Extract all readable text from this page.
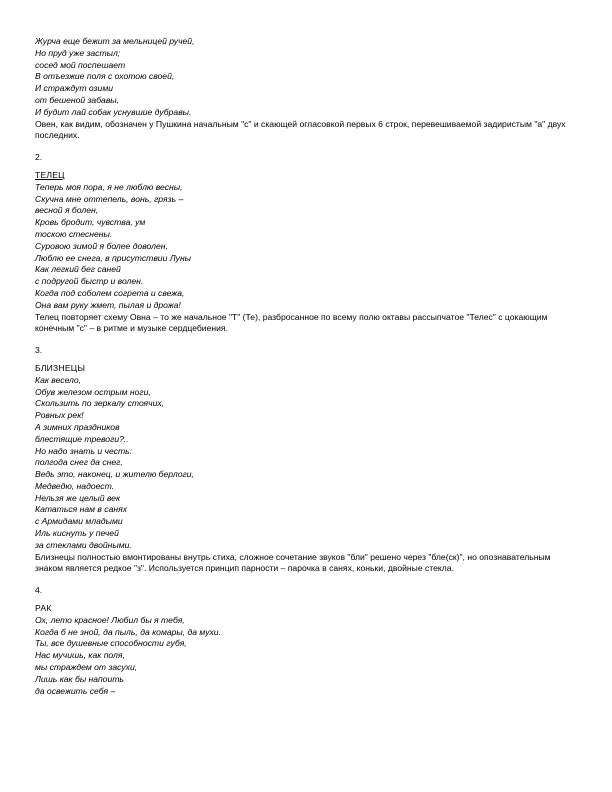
Журча еще бежит за мельницей ручей,

Но пруд уже застыл;

сосед мой поспешает

В отъезжие поля с охотою своей,

И страждут озими

от бешеной забавы,

И будит лай собак уснувшие дубравы.

Овен, как видим, обозначен у Пушкина начальным "с" и скающей огласовкой первых 6 строк, перевешиваемой задиристым "а" двух последних.

2.

ТЕЛЕЦ

Теперь моя пора, я не люблю весны,

Скучна мне оттепель, вонь, грязь –

весной я болен,

Кровь бродит, чувства, ум

тоскою стеснены.

Суровою зимой я более доволен,

Люблю ее снега, в присутствии Луны

Как легкий бег саней

с подругой быстр и волен.

Когда под соболем согрета и свежа,

Она вам руку жмет, пылая и дрожа!

Телец повторяет схему Овна – то же начальное "Т" (Те), разбросанное по всему полю октавы рассыпчатое "Телес" с цокающим конечным "с" – в ритме и музыке сердцебиения.

3.

БЛИЗНЕЦЫ

Как весело,

Обув железом острым ноги,

Скользить по зеркалу стоячих,

Ровных рек!

А зимних праздников

блестящие тревоги?..

Но надо знать и честь:

полгода снег да снег,

Ведь это, наконец, и жителю берлоги,

Медведю, надоест.

Нельзя же целый век

Кататься нам в санях

с Армидами младыми

Иль киснуть у печей

за стеклами двойными.

Близнецы полностью вмонтированы внутрь стиха, сложное сочетание звуков "бли" решено через "бле(ск)", но опознавательным знаком является редкое "з". Используется принцип парности – парочка в санях, коньки, двойные стекла.

4.

РАК

Ох, лето красное! Любил бы я тебя,

Когда б не зной, да пыль, да комары, да мухи.

Ты, все душевные способности губя,

Нас мучишь, как поля,

мы страждем от засухи,

Лишь как бы напоить

да освежить себя –
